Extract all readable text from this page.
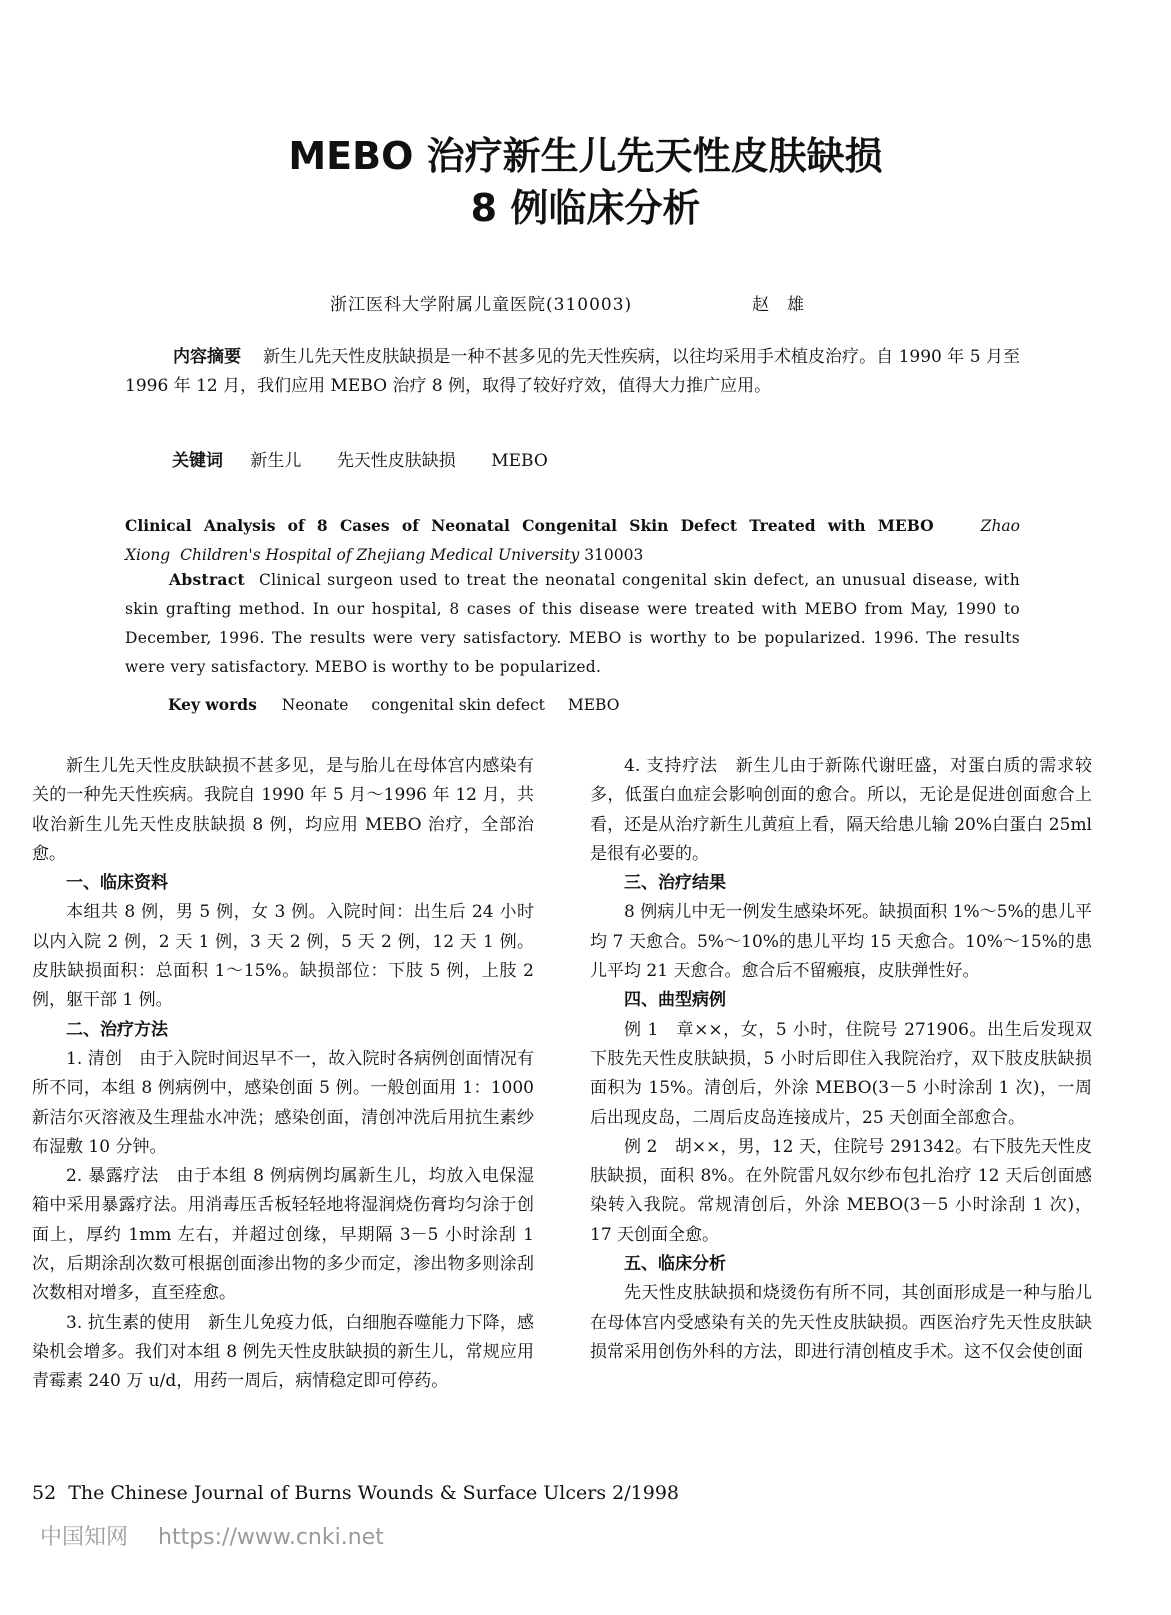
MEBO 治疗新生儿先天性皮肤缺损
8 例临床分析
浙江医科大学附属儿童医院(310003)	赵雄

内容摘要 新生儿先天性皮肤缺损是一种不甚多见的先天性疾病，以往均采用手术植皮治疗。自 1990 年 5 月至 1996 年 12 月，我们应用 MEBO 治疗 8 例，取得了较好疗效，值得大力推广应用。

关键词 新生儿 先天性皮肤缺损 MEBO

Clinical Analysis of 8 Cases of Neonatal Congenital Skin Defect Treated with MEBO	Zhao Xiong Children's Hospital of Zhejiang Medical University 310003

Abstract Clinical surgeon used to treat the neonatal congenital skin defect, an unusual disease, with skin grafting method. In our hospital, 8 cases of this disease were treated with MEBO from May, 1990 to December, 1996. The results were very satisfactory. MEBO is worthy to be popularized. 1996. The results were very satisfactory. MEBO is worthy to be popularized.

Key words Neonate congenital skin defect MEBO

新生儿先天性皮肤缺损不甚多见，是与胎儿在母体宫内感染有关的一种先天性疾病。我院自 1990 年 5 月～1996 年 12 月，共收治新生儿先天性皮肤缺损 8 例，均应用 MEBO 治疗，全部治愈。

一、临床资料

本组共 8 例，男 5 例，女 3 例。入院时间：出生后 24 小时以内入院 2 例，2 天 1 例，3 天 2 例，5 天 2 例，12 天 1 例。皮肤缺损面积：总面积 1～15%。缺损部位：下肢 5 例，上肢 2 例，躯干部 1 例。

二、治疗方法

1. 清创　由于入院时间迟早不一，故入院时各病例创面情况有所不同，本组 8 例病例中，感染创面 5 例。一般创面用 1：1000 新洁尔灭溶液及生理盐水冲洗；感染创面，清创冲洗后用抗生素纱布湿敷 10 分钟。

2. 暴露疗法　由于本组 8 例病例均属新生儿，均放入电保湿箱中采用暴露疗法。用消毒压舌板轻轻地将湿润烧伤膏均匀涂于创面上，厚约 1mm 左右，并超过创缘，早期隔 3－5 小时涂刮 1 次，后期涂刮次数可根据创面渗出物的多少而定，渗出物多则涂刮次数相对增多，直至痊愈。

3. 抗生素的使用　新生儿免疫力低，白细胞吞噬能力下降，感染机会增多。我们对本组 8 例先天性皮肤缺损的新生儿，常规应用青霉素 240 万 u/d，用药一周后，病情稳定即可停药。

4. 支持疗法　新生儿由于新陈代谢旺盛，对蛋白质的需求较多，低蛋白血症会影响创面的愈合。所以，无论是促进创面愈合上看，还是从治疗新生儿黄疸上看，隔天给患儿输 20%白蛋白 25ml 是很有必要的。

三、治疗结果

8 例病儿中无一例发生感染坏死。缺损面积 1%～5%的患儿平均 7 天愈合。5%～10%的患儿平均 15 天愈合。10%～15%的患儿平均 21 天愈合。愈合后不留瘢痕，皮肤弹性好。

四、曲型病例

例 1　章××，女，5 小时，住院号 271906。出生后发现双下肢先天性皮肤缺损，5 小时后即住入我院治疗，双下肢皮肤缺损面积为 15%。清创后，外涂 MEBO(3－5 小时涂刮 1 次)，一周后出现皮岛，二周后皮岛连接成片，25 天创面全部愈合。

例 2　胡××，男，12 天，住院号 291342。右下肢先天性皮肤缺损，面积 8%。在外院雷凡奴尔纱布包扎治疗 12 天后创面感染转入我院。常规清创后，外涂 MEBO(3－5 小时涂刮 1 次)，17 天创面全愈。

五、临床分析

先天性皮肤缺损和烧烫伤有所不同，其创面形成是一种与胎儿在母体宫内受感染有关的先天性皮肤缺损。西医治疗先天性皮肤缺损常采用创伤外科的方法，即进行清创植皮手术。这不仅会使创面

52 The Chinese Journal of Burns Wounds & Surface Ulcers 2/1998
中国知网 https://www.cnki.net
